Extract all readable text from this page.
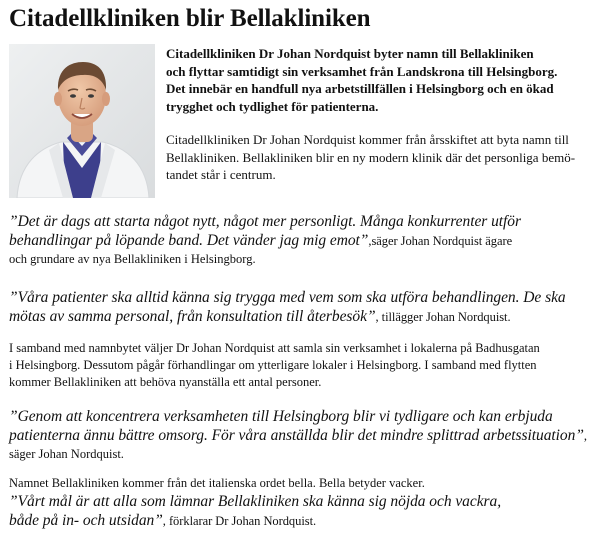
Citadellkliniken blir Bellakliniken

Citadellkliniken Dr Johan Nordquist byter namn till Bellakliniken
och flyttar samtidigt sin verksamhet från Landskrona till Helsingborg.
Det innebär en handfull nya arbetstillfällen i Helsingborg och en ökad
trygghet och tydlighet för patienterna.

Citadellkliniken Dr Johan Nordquist kommer från årsskiftet att byta namn till
Bellakliniken. Bellakliniken blir en ny modern klinik där det personliga bemö-
tandet står i centrum.

”Det är dags att starta något nytt, något mer personligt. Många konkurrenter utför
behandlingar på löpande band. Det vänder jag mig emot”,säger Johan Nordquist ägare
och grundare av nya Bellakliniken i Helsingborg.
”Våra patienter ska alltid känna sig trygga med vem som ska utföra behandlingen. De ska
mötas av samma personal, från konsultation till återbesök”, tillägger Johan Nordquist.

I samband med namnbytet väljer Dr Johan Nordquist att samla sin verksamhet i lokalerna på Badhusgatan
i Helsingborg. Dessutom pågår förhandlingar om ytterligare lokaler i Helsingborg. I samband med flytten
kommer Bellakliniken att behöva nyanställa ett antal personer.

”Genom att koncentrera verksamheten till Helsingborg blir vi tydligare och kan erbjuda
patienterna ännu bättre omsorg. För våra anställda blir det mindre splittrad arbetssituation”,
säger Johan Nordquist.
Namnet Bellakliniken kommer från det italienska ordet bella. Bella betyder vacker.
”Vårt mål är att alla som lämnar Bellakliniken ska känna sig nöjda och vackra,
både på in- och utsidan”, förklarar Dr Johan Nordquist.
